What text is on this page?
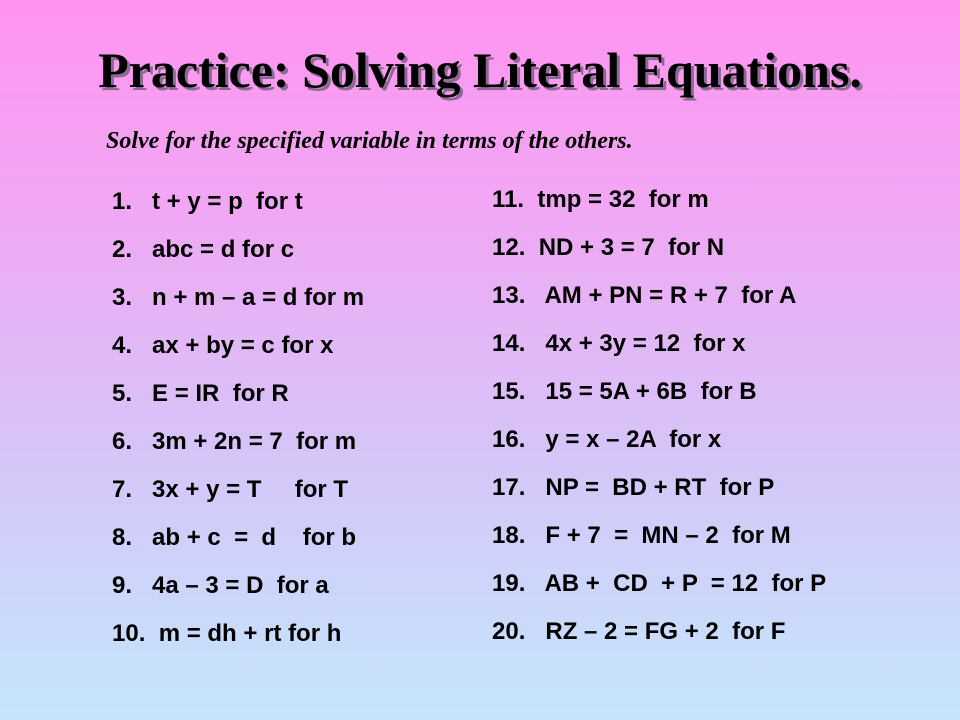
Practice: Solving Literal Equations.
Solve for the specified variable in terms of the others.
1.   t + y = p  for t
2.   abc = d for c
3.   n + m – a = d for m
4.   ax + by = c for x
5.   E = IR  for R
6.   3m + 2n = 7  for m
7.   3x + y = T     for T
8.   ab + c  =  d    for b
9.   4a – 3 = D  for a
10.  m = dh + rt for h
11.  tmp = 32  for m
12.  ND + 3 = 7  for N
13.   AM + PN = R + 7  for A
14.   4x + 3y = 12  for x
15.   15 = 5A + 6B  for B
16.   y = x – 2A  for x
17.   NP =  BD + RT  for P
18.   F + 7  =  MN – 2  for M
19.   AB +  CD  + P  = 12  for P
20.   RZ – 2 = FG + 2  for F
